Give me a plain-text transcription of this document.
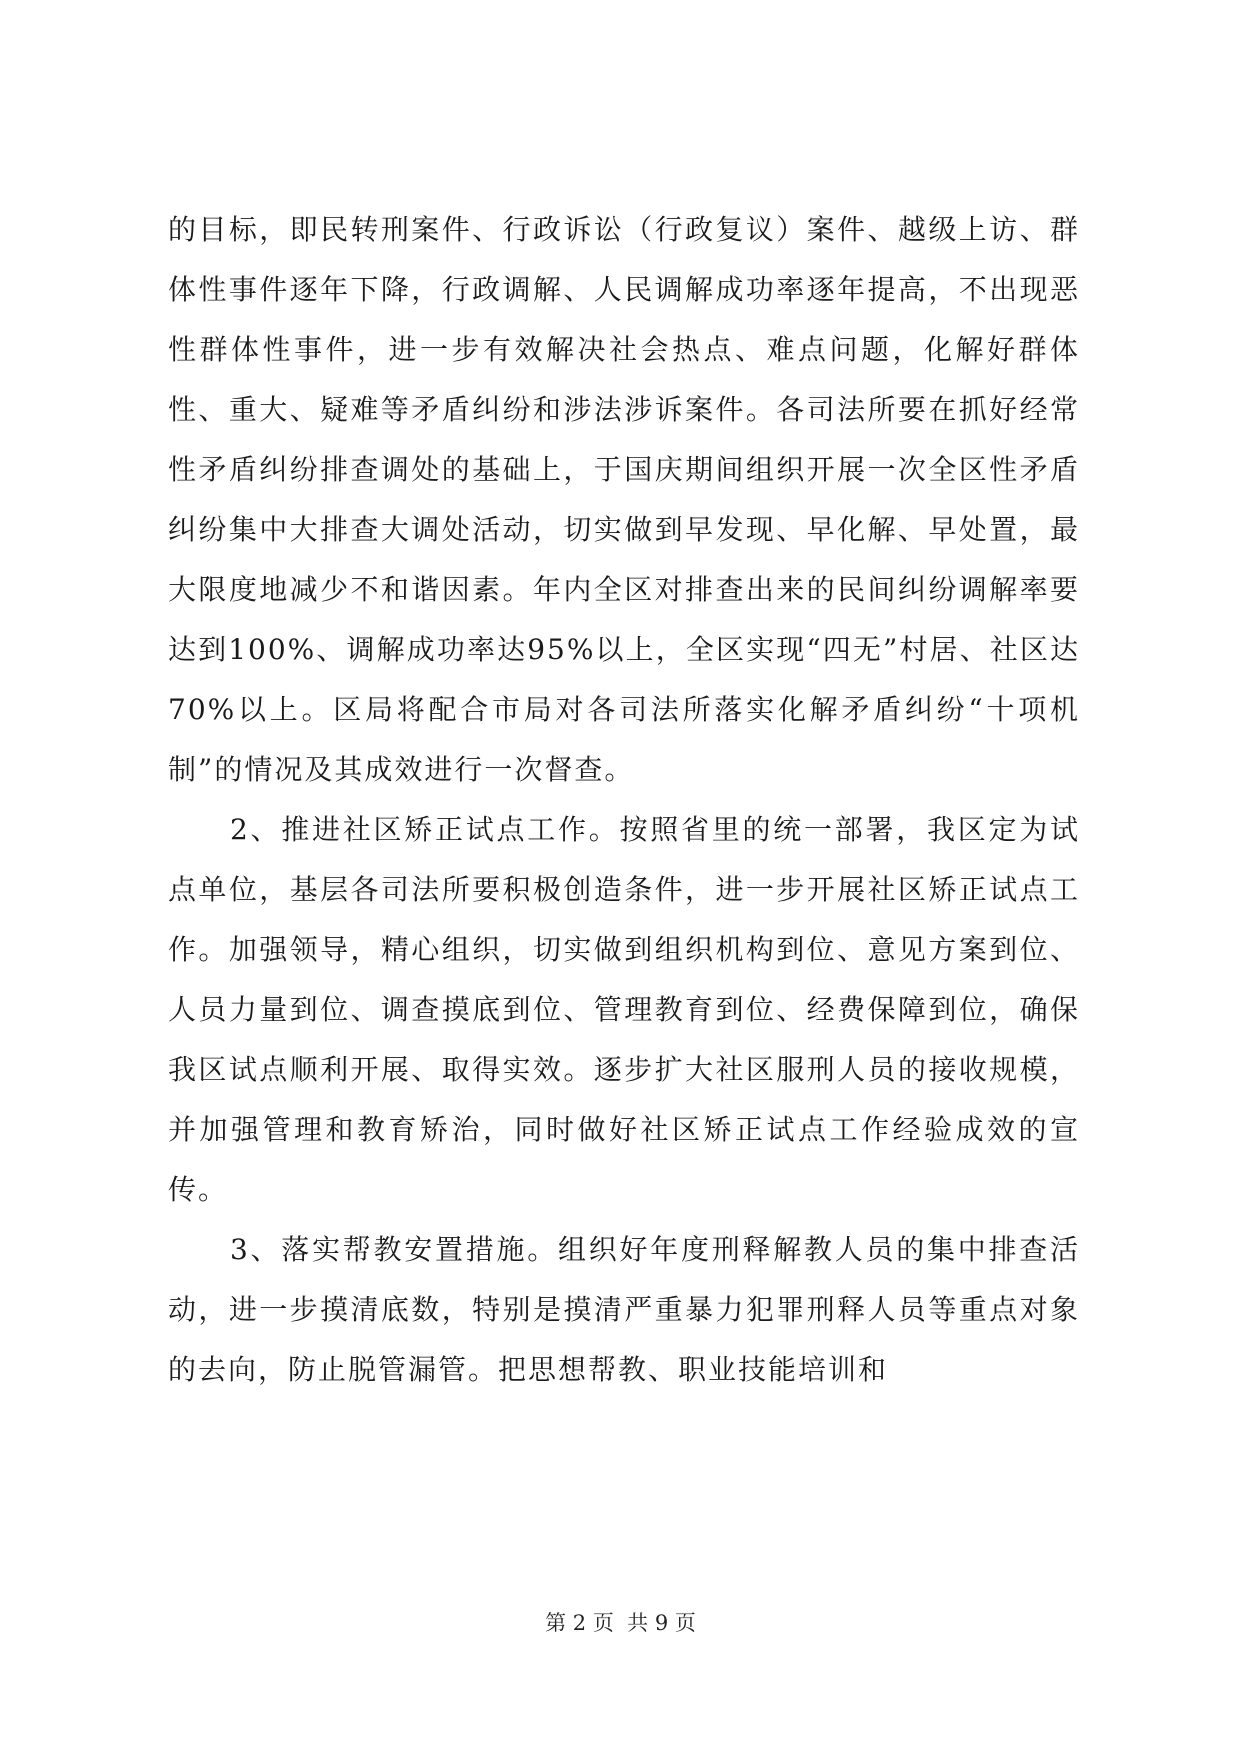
的目标，即民转刑案件、行政诉讼（行政复议）案件、越级上访、群体性事件逐年下降，行政调解、人民调解成功率逐年提高，不出现恶性群体性事件，进一步有效解决社会热点、难点问题，化解好群体性、重大、疑难等矛盾纠纷和涉法涉诉案件。各司法所要在抓好经常性矛盾纠纷排查调处的基础上，于国庆期间组织开展一次全区性矛盾纠纷集中大排查大调处活动，切实做到早发现、早化解、早处置，最大限度地减少不和谐因素。年内全区对排查出来的民间纠纷调解率要达到100%、调解成功率达95%以上，全区实现“四无”村居、社区达70%以上。区局将配合市局对各司法所落实化解矛盾纠纷“十项机制”的情况及其成效进行一次督查。

2、推进社区矫正试点工作。按照省里的统一部署，我区定为试点单位，基层各司法所要积极创造条件，进一步开展社区矫正试点工作。加强领导，精心组织，切实做到组织机构到位、意见方案到位、人员力量到位、调查摸底到位、管理教育到位、经费保障到位，确保我区试点顺利开展、取得实效。逐步扩大社区服刑人员的接收规模，并加强管理和教育矫治，同时做好社区矫正试点工作经验成效的宣传。

3、落实帮教安置措施。组织好年度刑释解教人员的集中排查活动，进一步摸清底数，特别是摸清严重暴力犯罪刑释人员等重点对象的去向，防止脱管漏管。把思想帮教、职业技能培训和

第 2 页  共 9 页
